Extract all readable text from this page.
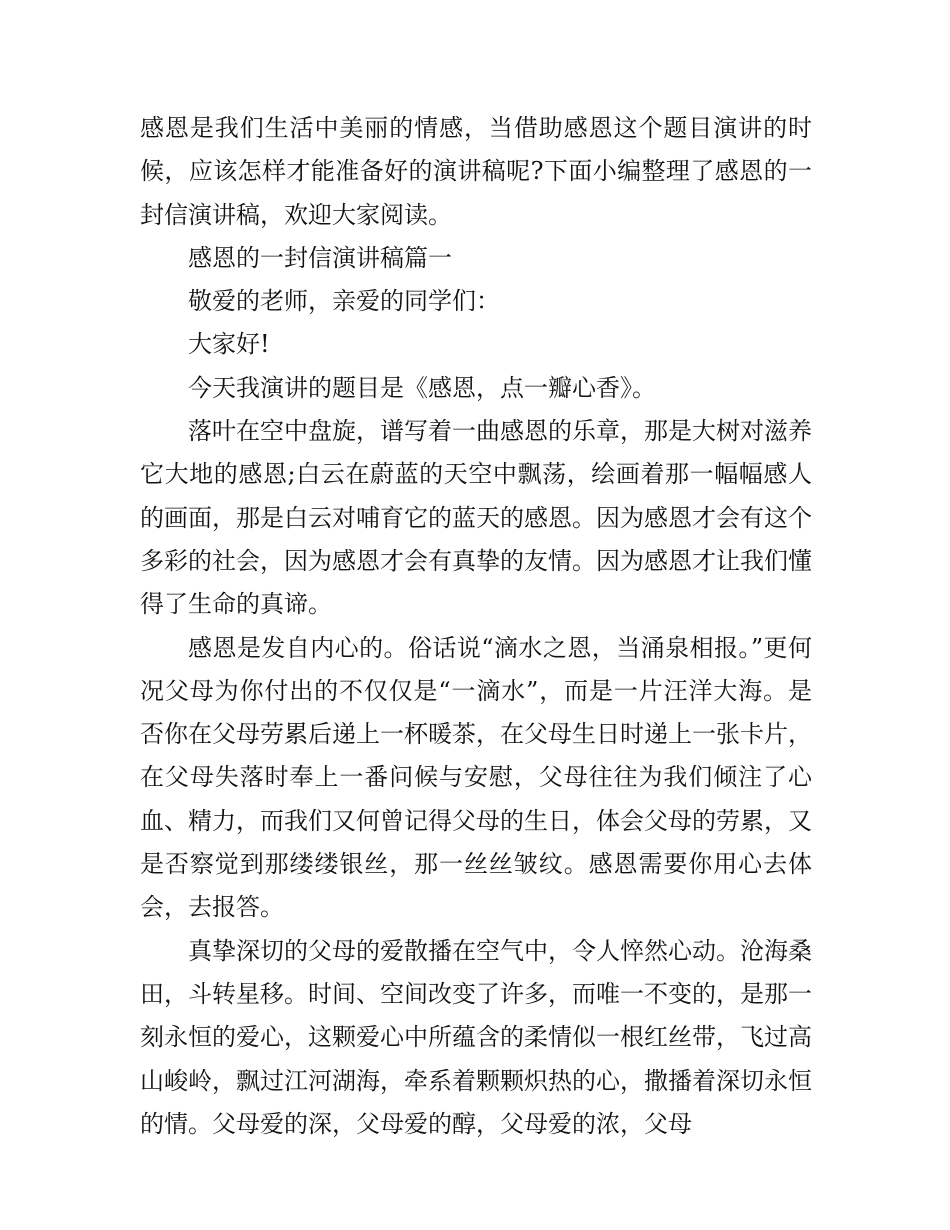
感恩是我们生活中美丽的情感，当借助感恩这个题目演讲的时候，应该怎样才能准备好的演讲稿呢?下面小编整理了感恩的一封信演讲稿，欢迎大家阅读。

感恩的一封信演讲稿篇一

敬爱的老师，亲爱的同学们：

大家好!

今天我演讲的题目是《感恩，点一瓣心香》。

落叶在空中盘旋，谱写着一曲感恩的乐章，那是大树对滋养它大地的感恩;白云在蔚蓝的天空中飘荡，绘画着那一幅幅感人的画面，那是白云对哺育它的蓝天的感恩。因为感恩才会有这个多彩的社会，因为感恩才会有真挚的友情。因为感恩才让我们懂得了生命的真谛。

感恩是发自内心的。俗话说“滴水之恩，当涌泉相报。”更何况父母为你付出的不仅仅是“一滴水”，而是一片汪洋大海。是否你在父母劳累后递上一杯暖茶，在父母生日时递上一张卡片，在父母失落时奉上一番问候与安慰，父母往往为我们倾注了心血、精力，而我们又何曾记得父母的生日，体会父母的劳累，又是否察觉到那缕缕银丝，那一丝丝皱纹。感恩需要你用心去体会，去报答。

真挚深切的父母的爱散播在空气中，令人悴然心动。沧海桑田，斗转星移。时间、空间改变了许多，而唯一不变的，是那一刻永恒的爱心，这颗爱心中所蕴含的柔情似一根红丝带，飞过高山峻岭，飘过江河湖海，牵系着颗颗炽热的心，撒播着深切永恒的情。父母爱的深，父母爱的醇，父母爱的浓，父母
